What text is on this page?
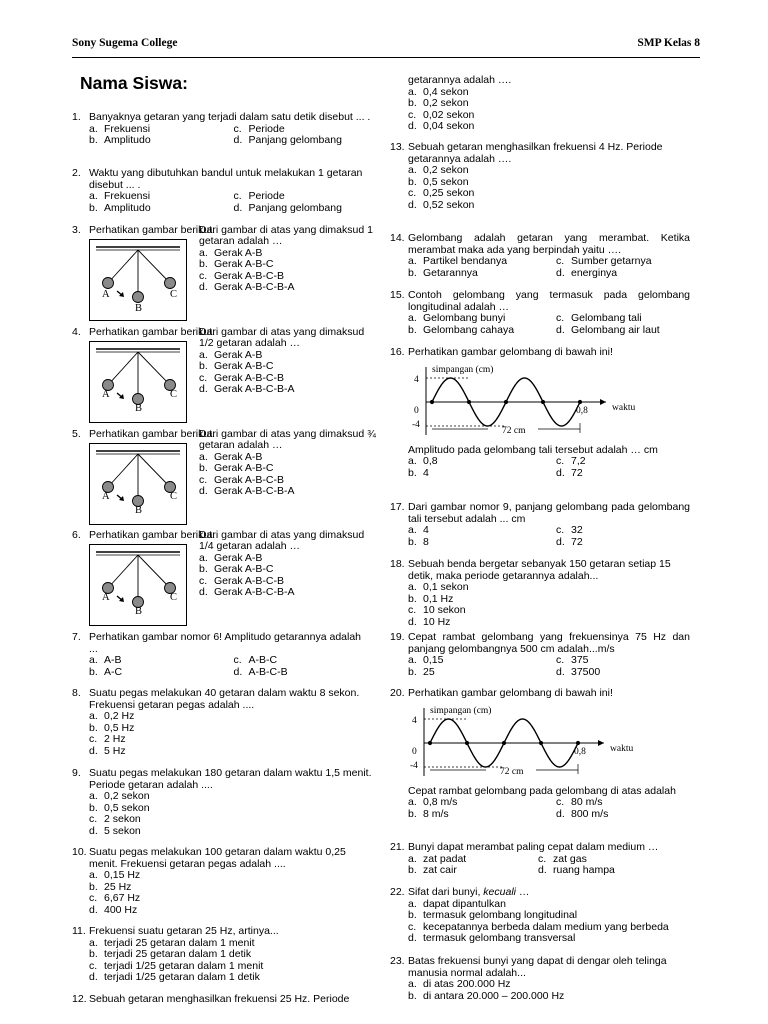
Sony Sugema College	SMP Kelas 8
Nama Siswa:
1. Banyaknya getaran yang terjadi dalam satu detik disebut ... .
a. Frekuensi	c. Periode
b. Amplitudo	d. Panjang gelombang
2. Waktu yang dibutuhkan bandul untuk melakukan 1 getaran disebut ... .
a. Frekuensi	c. Periode
b. Amplitudo	d. Panjang gelombang
3. Perhatikan gambar berikut:
A
B
C
Dari gambar di atas yang dimaksud 1 getaran adalah …
a. Gerak A-B
b. Gerak A-B-C
c. Gerak A-B-C-B
d. Gerak A-B-C-B-A
4. Perhatikan gambar berikut:
A
B
C
Dari gambar di atas yang dimaksud 1/2 getaran adalah …
a. Gerak A-B
b. Gerak A-B-C
c. Gerak A-B-C-B
d. Gerak A-B-C-B-A
5. Perhatikan gambar berikut:
A
B
C
Dari gambar di atas yang dimaksud ¾ getaran adalah …
a. Gerak A-B
b. Gerak A-B-C
c. Gerak A-B-C-B
d. Gerak A-B-C-B-A
6. Perhatikan gambar berikut:
A
B
C
Dari gambar di atas yang dimaksud 1/4 getaran adalah …
a. Gerak A-B
b. Gerak A-B-C
c. Gerak A-B-C-B
d. Gerak A-B-C-B-A
7. Perhatikan gambar nomor 6! Amplitudo getarannya adalah ...
a. A-B	c. A-B-C
b. A-C	d. A-B-C-B
8. Suatu pegas melakukan 40 getaran dalam waktu 8 sekon. Frekuensi getaran pegas adalah ....
a. 0,2 Hz
b. 0,5 Hz
c. 2 Hz
d. 5 Hz
9. Suatu pegas melakukan 180 getaran dalam waktu 1,5 menit. Periode getaran adalah ....
a. 0,2 sekon
b. 0,5 sekon
c. 2 sekon
d. 5 sekon
10. Suatu pegas melakukan 100 getaran dalam waktu 0,25 menit. Frekuensi getaran pegas adalah ....
a. 0,15 Hz
b. 25 Hz
c. 6,67 Hz
d. 400 Hz
11. Frekuensi suatu getaran 25 Hz, artinya...
a. terjadi 25 getaran dalam 1 menit
b. terjadi 25 getaran dalam 1 detik
c. terjadi 1/25 getaran dalam 1 menit
d. terjadi 1/25 getaran dalam 1 detik
12. Sebuah getaran menghasilkan frekuensi 25 Hz. Periode
getarannya adalah ….
a. 0,4 sekon
b. 0,2 sekon
c. 0,02 sekon
d. 0,04 sekon
13. Sebuah getaran menghasilkan frekuensi 4 Hz. Periode getarannya adalah ….
a. 0,2 sekon
b. 0,5 sekon
c. 0,25 sekon
d. 0,52 sekon
14. Gelombang adalah getaran yang merambat. Ketika merambat maka ada yang berpindah yaitu ….
a. Partikel bendanya	c. Sumber getarnya
b. Getarannya	d. energinya
15. Contoh gelombang yang termasuk pada gelombang longitudinal adalah …
a. Gelombang bunyi	c. Gelombang tali
b. Gelombang cahaya	d. Gelombang air laut
16. Perhatikan gambar gelombang di bawah ini!
simpangan (cm)
4
-4
0	0,8	waktu
72 cm
Amplitudo pada gelombang tali tersebut adalah … cm
a. 0,8	c. 7,2
b. 4	d. 72
17. Dari gambar nomor 9, panjang gelombang pada gelombang tali tersebut adalah ... cm
a. 4	c. 32
b. 8	d. 72
18. Sebuah benda bergetar sebanyak 150 getaran setiap 15 detik, maka periode getarannya adalah...
a. 0,1 sekon
b. 0,1 Hz
c. 10 sekon
d. 10 Hz
19. Cepat rambat gelombang yang frekuensinya 75 Hz dan panjang gelombangnya 500 cm adalah...m/s
a. 0,15	c. 375
b. 25	d. 37500
20. Perhatikan gambar gelombang di bawah ini!
simpangan (cm)
4
-4
0	0,8	waktu
72 cm
Cepat rambat gelombang pada gelombang di atas adalah
a. 0,8 m/s	c. 80 m/s
b. 8 m/s	d. 800 m/s
21. Bunyi dapat merambat paling cepat dalam medium …
a. zat padat	c. zat gas
b. zat cair	d. ruang hampa
22. Sifat dari bunyi, kecuali …
a. dapat dipantulkan
b. termasuk gelombang longitudinal
c. kecepatannya berbeda dalam medium yang berbeda
d. termasuk gelombang transversal
23. Batas frekuensi bunyi yang dapat di dengar oleh telinga manusia normal adalah...
a. di atas 200.000 Hz
b. di antara 20.000 – 200.000 Hz
